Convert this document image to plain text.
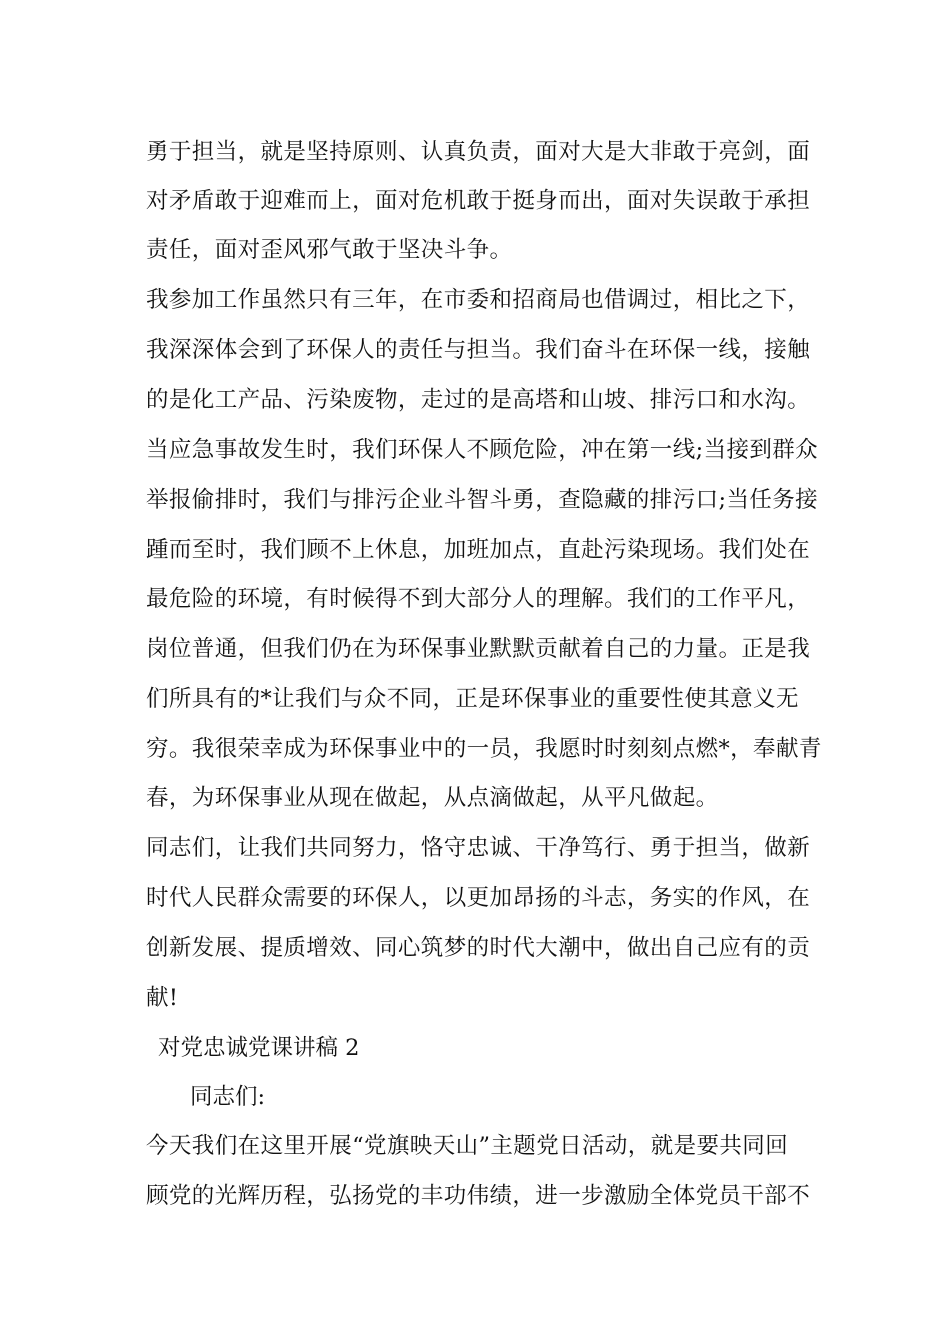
勇于担当，就是坚持原则、认真负责，面对大是大非敢于亮剑，面
对矛盾敢于迎难而上，面对危机敢于挺身而出，面对失误敢于承担
责任，面对歪风邪气敢于坚决斗争。
我参加工作虽然只有三年，在市委和招商局也借调过，相比之下，
我深深体会到了环保人的责任与担当。我们奋斗在环保一线，接触
的是化工产品、污染废物，走过的是高塔和山坡、排污口和水沟。
当应急事故发生时，我们环保人不顾危险，冲在第一线;当接到群众
举报偷排时，我们与排污企业斗智斗勇，查隐藏的排污口;当任务接
踵而至时，我们顾不上休息，加班加点，直赴污染现场。我们处在
最危险的环境，有时候得不到大部分人的理解。我们的工作平凡，
岗位普通，但我们仍在为环保事业默默贡献着自己的力量。正是我
们所具有的*让我们与众不同，正是环保事业的重要性使其意义无
穷。我很荣幸成为环保事业中的一员，我愿时时刻刻点燃*，奉献青
春，为环保事业从现在做起，从点滴做起，从平凡做起。
同志们，让我们共同努力，恪守忠诚、干净笃行、勇于担当，做新
时代人民群众需要的环保人，以更加昂扬的斗志，务实的作风，在
创新发展、提质增效、同心筑梦的时代大潮中，做出自己应有的贡
献!
对党忠诚党课讲稿 2
同志们:
今天我们在这里开展“党旗映天山”主题党日活动，就是要共同回
顾党的光辉历程，弘扬党的丰功伟绩，进一步激励全体党员干部不
